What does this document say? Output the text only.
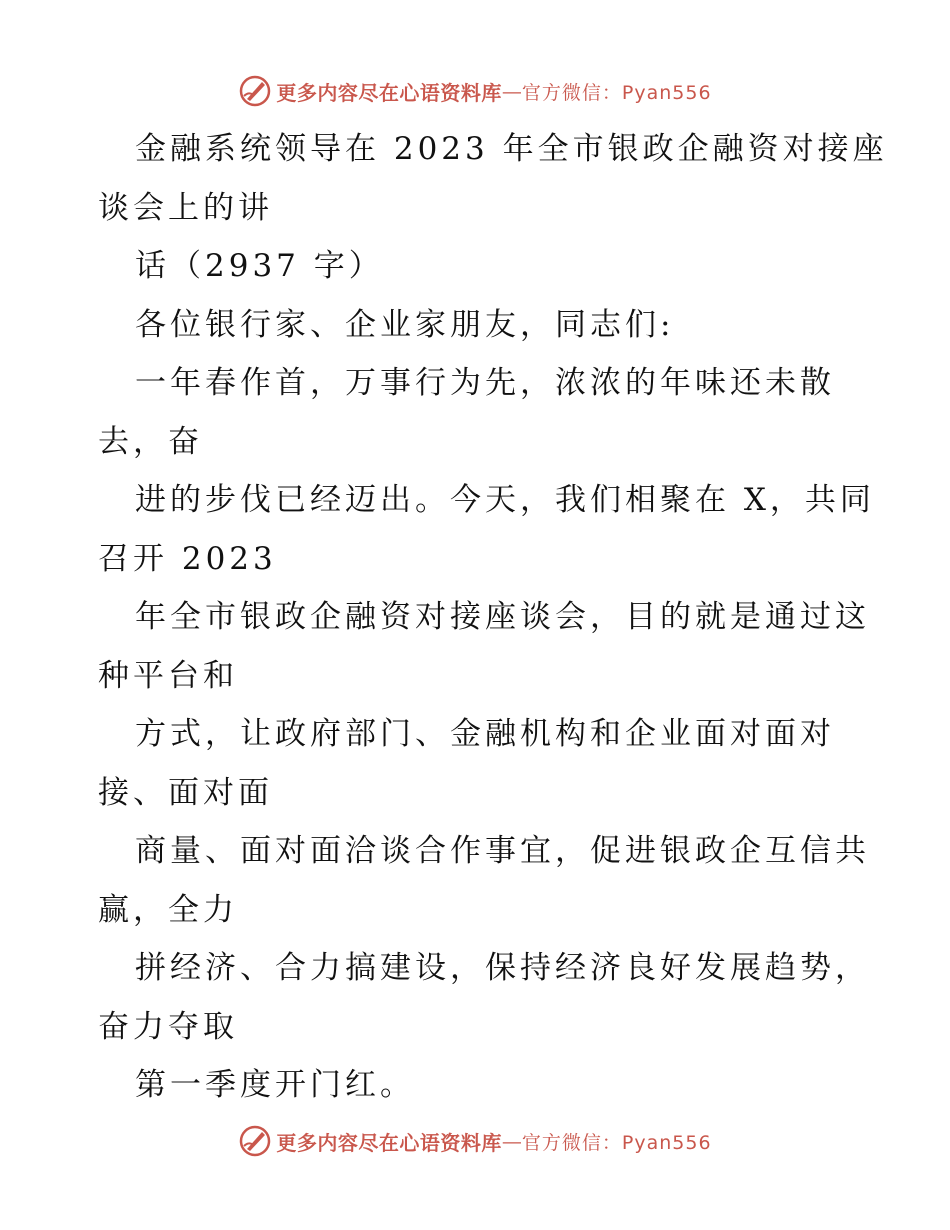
更多内容尽在心语资料库 — 官方微信：Pyan556

金融系统领导在 2023 年全市银政企融资对接座

谈会上的讲

话（2937 字）

各位银行家、企业家朋友，同志们:

一年春作首，万事行为先，浓浓的年味还未散

去，奋

进的步伐已经迈出。今天，我们相聚在 X，共同

召开 2023

年全市银政企融资对接座谈会，目的就是通过这

种平台和

方式，让政府部门、金融机构和企业面对面对

接、面对面

商量、面对面洽谈合作事宜，促进银政企互信共

赢，全力

拼经济、合力搞建设，保持经济良好发展趋势，

奋力夺取

第一季度开门红。

更多内容尽在心语资料库 — 官方微信：Pyan556
